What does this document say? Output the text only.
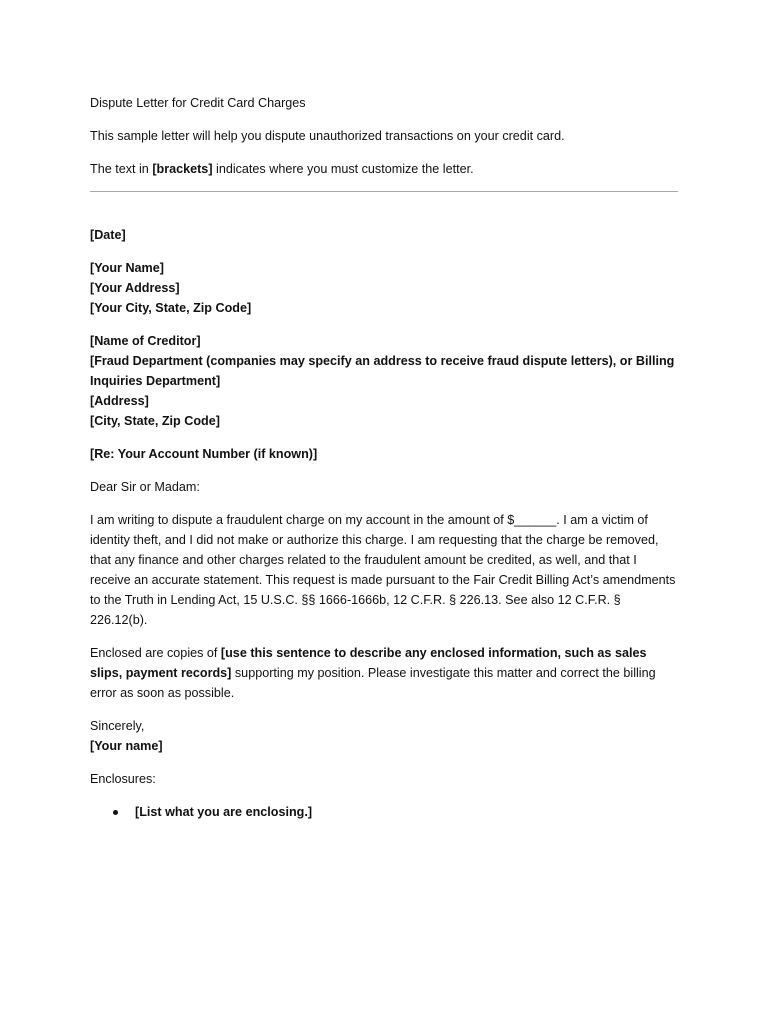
Dispute Letter for Credit Card Charges

This sample letter will help you dispute unauthorized transactions on your credit card.

The text in [brackets] indicates where you must customize the letter.

[Date]

[Your Name]

[Your Address]

[Your City, State, Zip Code]

[Name of Creditor]

[Fraud Department (companies may specify an address to receive fraud dispute letters), or Billing Inquiries Department]

[Address]

[City, State, Zip Code]

[Re: Your Account Number (if known)]

Dear Sir or Madam:

I am writing to dispute a fraudulent charge on my account in the amount of $______. I am a victim of identity theft, and I did not make or authorize this charge. I am requesting that the charge be removed, that any finance and other charges related to the fraudulent amount be credited, as well, and that I receive an accurate statement. This request is made pursuant to the Fair Credit Billing Act’s amendments to the Truth in Lending Act, 15 U.S.C. §§ 1666-1666b, 12 C.F.R. § 226.13. See also 12 C.F.R. § 226.12(b).

Enclosed are copies of [use this sentence to describe any enclosed information, such as sales slips, payment records] supporting my position. Please investigate this matter and correct the billing error as soon as possible.

Sincerely,

[Your name]

Enclosures:

[List what you are enclosing.]
